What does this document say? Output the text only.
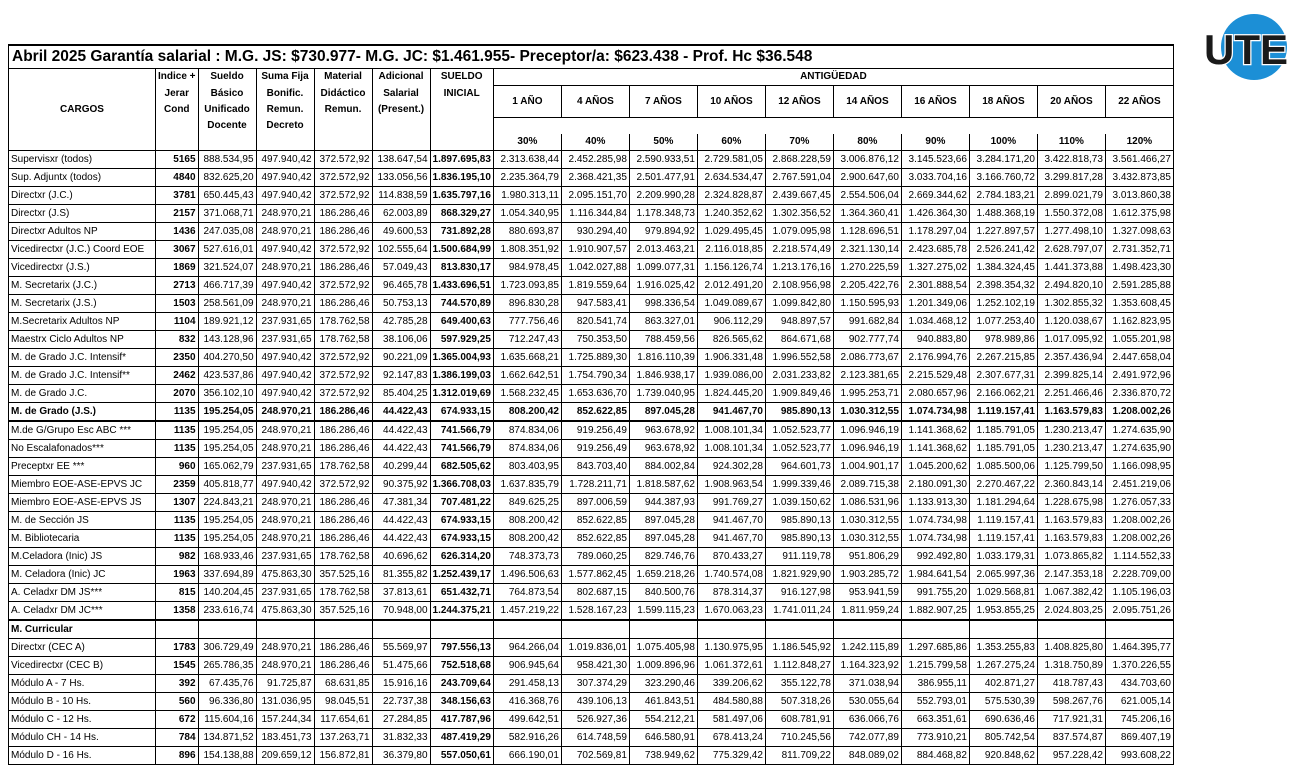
UTE
Abril 2025 Garantía salarial : M.G. JS: $730.977- M.G. JC: $1.461.955- Preceptor/a: $623.438 - Prof. Hc $36.548																
CARGOS	Indice +	Sueldo	Suma Fija	Material	Adicional	SUELDO	ANTIGÜEDAD									
	Jerar	Básico	Bonific.	Didáctico	Salarial	INICIAL	1 AÑO	4 AÑOS	7 AÑOS	10 AÑOS	12 AÑOS	14 AÑOS	16 AÑOS	18 AÑOS	20 AÑOS	22 AÑOS
	Cond	Unificado	Remun.	Remun.	(Present.)											
		Docente	Decreto													
							30%	40%	50%	60%	70%	80%	90%	100%	110%	120%
Supervisxr (todos)	5165	888.534,95	497.940,42	372.572,92	138.647,54	1.897.695,83	2.313.638,44	2.452.285,98	2.590.933,51	2.729.581,05	2.868.228,59	3.006.876,12	3.145.523,66	3.284.171,20	3.422.818,73	3.561.466,27
Sup. Adjuntx (todos)	4840	832.625,20	497.940,42	372.572,92	133.056,56	1.836.195,10	2.235.364,79	2.368.421,35	2.501.477,91	2.634.534,47	2.767.591,04	2.900.647,60	3.033.704,16	3.166.760,72	3.299.817,28	3.432.873,85
Directxr (J.C.)	3781	650.445,43	497.940,42	372.572,92	114.838,59	1.635.797,16	1.980.313,11	2.095.151,70	2.209.990,28	2.324.828,87	2.439.667,45	2.554.506,04	2.669.344,62	2.784.183,21	2.899.021,79	3.013.860,38
Directxr (J.S)	2157	371.068,71	248.970,21	186.286,46	62.003,89	868.329,27	1.054.340,95	1.116.344,84	1.178.348,73	1.240.352,62	1.302.356,52	1.364.360,41	1.426.364,30	1.488.368,19	1.550.372,08	1.612.375,98
Directxr Adultos NP	1436	247.035,08	248.970,21	186.286,46	49.600,53	731.892,28	880.693,87	930.294,40	979.894,92	1.029.495,45	1.079.095,98	1.128.696,51	1.178.297,04	1.227.897,57	1.277.498,10	1.327.098,63
Vicedirectxr (J.C.) Coord EOE	3067	527.616,01	497.940,42	372.572,92	102.555,64	1.500.684,99	1.808.351,92	1.910.907,57	2.013.463,21	2.116.018,85	2.218.574,49	2.321.130,14	2.423.685,78	2.526.241,42	2.628.797,07	2.731.352,71
Vicedirectxr (J.S.)	1869	321.524,07	248.970,21	186.286,46	57.049,43	813.830,17	984.978,45	1.042.027,88	1.099.077,31	1.156.126,74	1.213.176,16	1.270.225,59	1.327.275,02	1.384.324,45	1.441.373,88	1.498.423,30
M. Secretarix (J.C.)	2713	466.717,39	497.940,42	372.572,92	96.465,78	1.433.696,51	1.723.093,85	1.819.559,64	1.916.025,42	2.012.491,20	2.108.956,98	2.205.422,76	2.301.888,54	2.398.354,32	2.494.820,10	2.591.285,88
M. Secretarix (J.S.)	1503	258.561,09	248.970,21	186.286,46	50.753,13	744.570,89	896.830,28	947.583,41	998.336,54	1.049.089,67	1.099.842,80	1.150.595,93	1.201.349,06	1.252.102,19	1.302.855,32	1.353.608,45
M.Secretarix Adultos NP	1104	189.921,12	237.931,65	178.762,58	42.785,28	649.400,63	777.756,46	820.541,74	863.327,01	906.112,29	948.897,57	991.682,84	1.034.468,12	1.077.253,40	1.120.038,67	1.162.823,95
Maestrx Ciclo Adultos NP	832	143.128,96	237.931,65	178.762,58	38.106,06	597.929,25	712.247,43	750.353,50	788.459,56	826.565,62	864.671,68	902.777,74	940.883,80	978.989,86	1.017.095,92	1.055.201,98
M. de Grado J.C. Intensif*	2350	404.270,50	497.940,42	372.572,92	90.221,09	1.365.004,93	1.635.668,21	1.725.889,30	1.816.110,39	1.906.331,48	1.996.552,58	2.086.773,67	2.176.994,76	2.267.215,85	2.357.436,94	2.447.658,04
M. de Grado J.C. Intensif**	2462	423.537,86	497.940,42	372.572,92	92.147,83	1.386.199,03	1.662.642,51	1.754.790,34	1.846.938,17	1.939.086,00	2.031.233,82	2.123.381,65	2.215.529,48	2.307.677,31	2.399.825,14	2.491.972,96
M. de Grado J.C.	2070	356.102,10	497.940,42	372.572,92	85.404,25	1.312.019,69	1.568.232,45	1.653.636,70	1.739.040,95	1.824.445,20	1.909.849,46	1.995.253,71	2.080.657,96	2.166.062,21	2.251.466,46	2.336.870,72
M. de Grado (J.S.)	1135	195.254,05	248.970,21	186.286,46	44.422,43	674.933,15	808.200,42	852.622,85	897.045,28	941.467,70	985.890,13	1.030.312,55	1.074.734,98	1.119.157,41	1.163.579,83	1.208.002,26
M.de G/Grupo Esc ABC ***	1135	195.254,05	248.970,21	186.286,46	44.422,43	741.566,79	874.834,06	919.256,49	963.678,92	1.008.101,34	1.052.523,77	1.096.946,19	1.141.368,62	1.185.791,05	1.230.213,47	1.274.635,90
No Escalafonados***	1135	195.254,05	248.970,21	186.286,46	44.422,43	741.566,79	874.834,06	919.256,49	963.678,92	1.008.101,34	1.052.523,77	1.096.946,19	1.141.368,62	1.185.791,05	1.230.213,47	1.274.635,90
Preceptxr EE ***	960	165.062,79	237.931,65	178.762,58	40.299,44	682.505,62	803.403,95	843.703,40	884.002,84	924.302,28	964.601,73	1.004.901,17	1.045.200,62	1.085.500,06	1.125.799,50	1.166.098,95
Miembro EOE-ASE-EPVS JC	2359	405.818,77	497.940,42	372.572,92	90.375,92	1.366.708,03	1.637.835,79	1.728.211,71	1.818.587,62	1.908.963,54	1.999.339,46	2.089.715,38	2.180.091,30	2.270.467,22	2.360.843,14	2.451.219,06
Miembro EOE-ASE-EPVS JS	1307	224.843,21	248.970,21	186.286,46	47.381,34	707.481,22	849.625,25	897.006,59	944.387,93	991.769,27	1.039.150,62	1.086.531,96	1.133.913,30	1.181.294,64	1.228.675,98	1.276.057,33
M. de Sección JS	1135	195.254,05	248.970,21	186.286,46	44.422,43	674.933,15	808.200,42	852.622,85	897.045,28	941.467,70	985.890,13	1.030.312,55	1.074.734,98	1.119.157,41	1.163.579,83	1.208.002,26
M. Bibliotecaria	1135	195.254,05	248.970,21	186.286,46	44.422,43	674.933,15	808.200,42	852.622,85	897.045,28	941.467,70	985.890,13	1.030.312,55	1.074.734,98	1.119.157,41	1.163.579,83	1.208.002,26
M.Celadora (Inic) JS	982	168.933,46	237.931,65	178.762,58	40.696,62	626.314,20	748.373,73	789.060,25	829.746,76	870.433,27	911.119,78	951.806,29	992.492,80	1.033.179,31	1.073.865,82	1.114.552,33
M. Celadora (Inic) JC	1963	337.694,89	475.863,30	357.525,16	81.355,82	1.252.439,17	1.496.506,63	1.577.862,45	1.659.218,26	1.740.574,08	1.821.929,90	1.903.285,72	1.984.641,54	2.065.997,36	2.147.353,18	2.228.709,00
A. Celadxr DM JS***	815	140.204,45	237.931,65	178.762,58	37.813,61	651.432,71	764.873,54	802.687,15	840.500,76	878.314,37	916.127,98	953.941,59	991.755,20	1.029.568,81	1.067.382,42	1.105.196,03
A. Celadxr DM JC***	1358	233.616,74	475.863,30	357.525,16	70.948,00	1.244.375,21	1.457.219,22	1.528.167,23	1.599.115,23	1.670.063,23	1.741.011,24	1.811.959,24	1.882.907,25	1.953.855,25	2.024.803,25	2.095.751,26
M. Curricular																
Directxr (CEC A)	1783	306.729,49	248.970,21	186.286,46	55.569,97	797.556,13	964.266,04	1.019.836,01	1.075.405,98	1.130.975,95	1.186.545,92	1.242.115,89	1.297.685,86	1.353.255,83	1.408.825,80	1.464.395,77
Vicedirectxr (CEC B)	1545	265.786,35	248.970,21	186.286,46	51.475,66	752.518,68	906.945,64	958.421,30	1.009.896,96	1.061.372,61	1.112.848,27	1.164.323,92	1.215.799,58	1.267.275,24	1.318.750,89	1.370.226,55
Módulo A - 7 Hs.	392	67.435,76	91.725,87	68.631,85	15.916,16	243.709,64	291.458,13	307.374,29	323.290,46	339.206,62	355.122,78	371.038,94	386.955,11	402.871,27	418.787,43	434.703,60
Módulo B - 10 Hs.	560	96.336,80	131.036,95	98.045,51	22.737,38	348.156,63	416.368,76	439.106,13	461.843,51	484.580,88	507.318,26	530.055,64	552.793,01	575.530,39	598.267,76	621.005,14
Módulo C - 12 Hs.	672	115.604,16	157.244,34	117.654,61	27.284,85	417.787,96	499.642,51	526.927,36	554.212,21	581.497,06	608.781,91	636.066,76	663.351,61	690.636,46	717.921,31	745.206,16
Módulo CH - 14 Hs.	784	134.871,52	183.451,73	137.263,71	31.832,33	487.419,29	582.916,26	614.748,59	646.580,91	678.413,24	710.245,56	742.077,89	773.910,21	805.742,54	837.574,87	869.407,19
Módulo D - 16 Hs.	896	154.138,88	209.659,12	156.872,81	36.379,80	557.050,61	666.190,01	702.569,81	738.949,62	775.329,42	811.709,22	848.089,02	884.468,82	920.848,62	957.228,42	993.608,22
